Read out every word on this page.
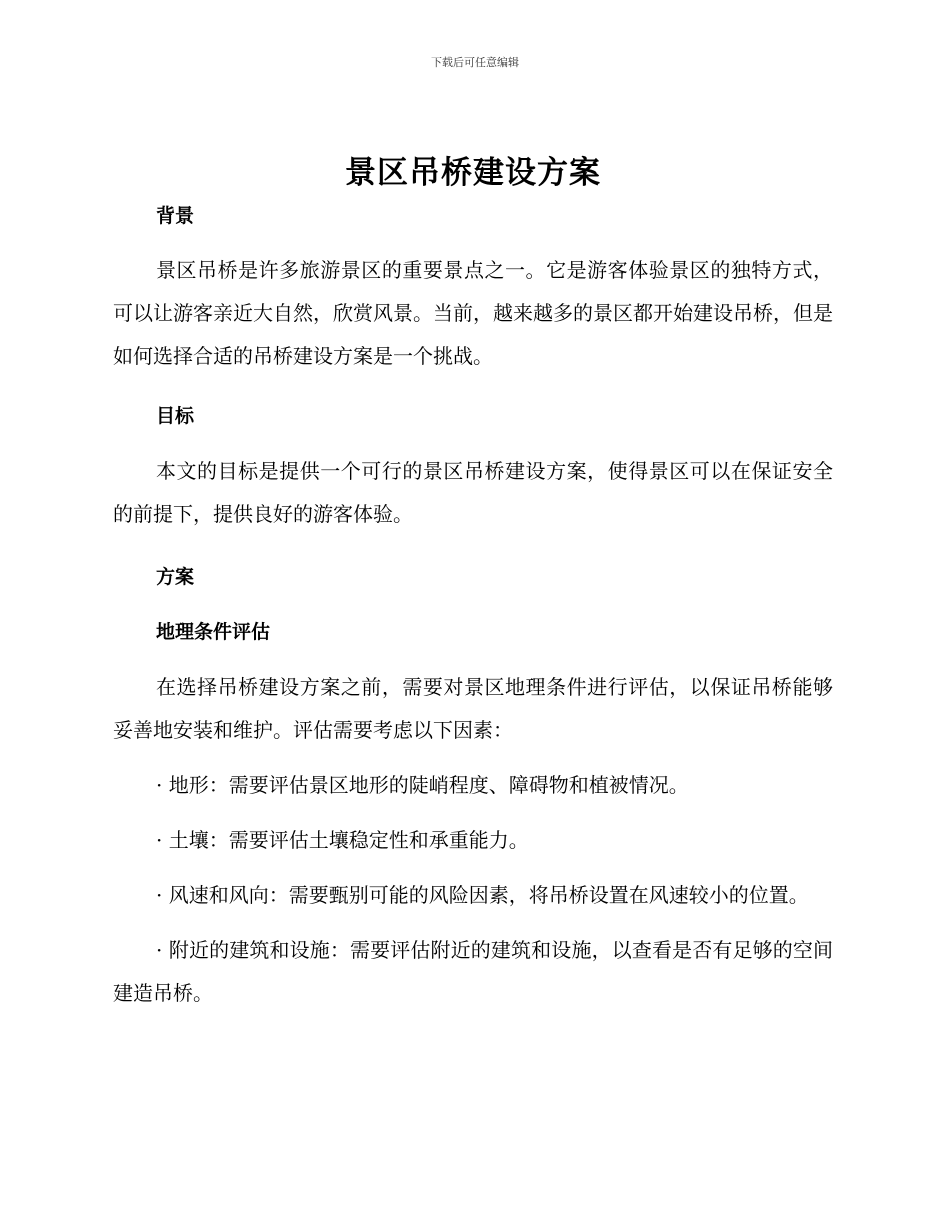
下载后可任意编辑
景区吊桥建设方案
背景

景区吊桥是许多旅游景区的重要景点之一。它是游客体验景区的独特方式，可以让游客亲近大自然，欣赏风景。当前，越来越多的景区都开始建设吊桥，但是如何选择合适的吊桥建设方案是一个挑战。

目标

本文的目标是提供一个可行的景区吊桥建设方案，使得景区可以在保证安全的前提下，提供良好的游客体验。

方案
地理条件评估

在选择吊桥建设方案之前，需要对景区地理条件进行评估，以保证吊桥能够妥善地安装和维护。评估需要考虑以下因素：

· 地形：需要评估景区地形的陡峭程度、障碍物和植被情况。

· 土壤：需要评估土壤稳定性和承重能力。

· 风速和风向：需要甄别可能的风险因素，将吊桥设置在风速较小的位置。

· 附近的建筑和设施：需要评估附近的建筑和设施，以查看是否有足够的空间建造吊桥。
